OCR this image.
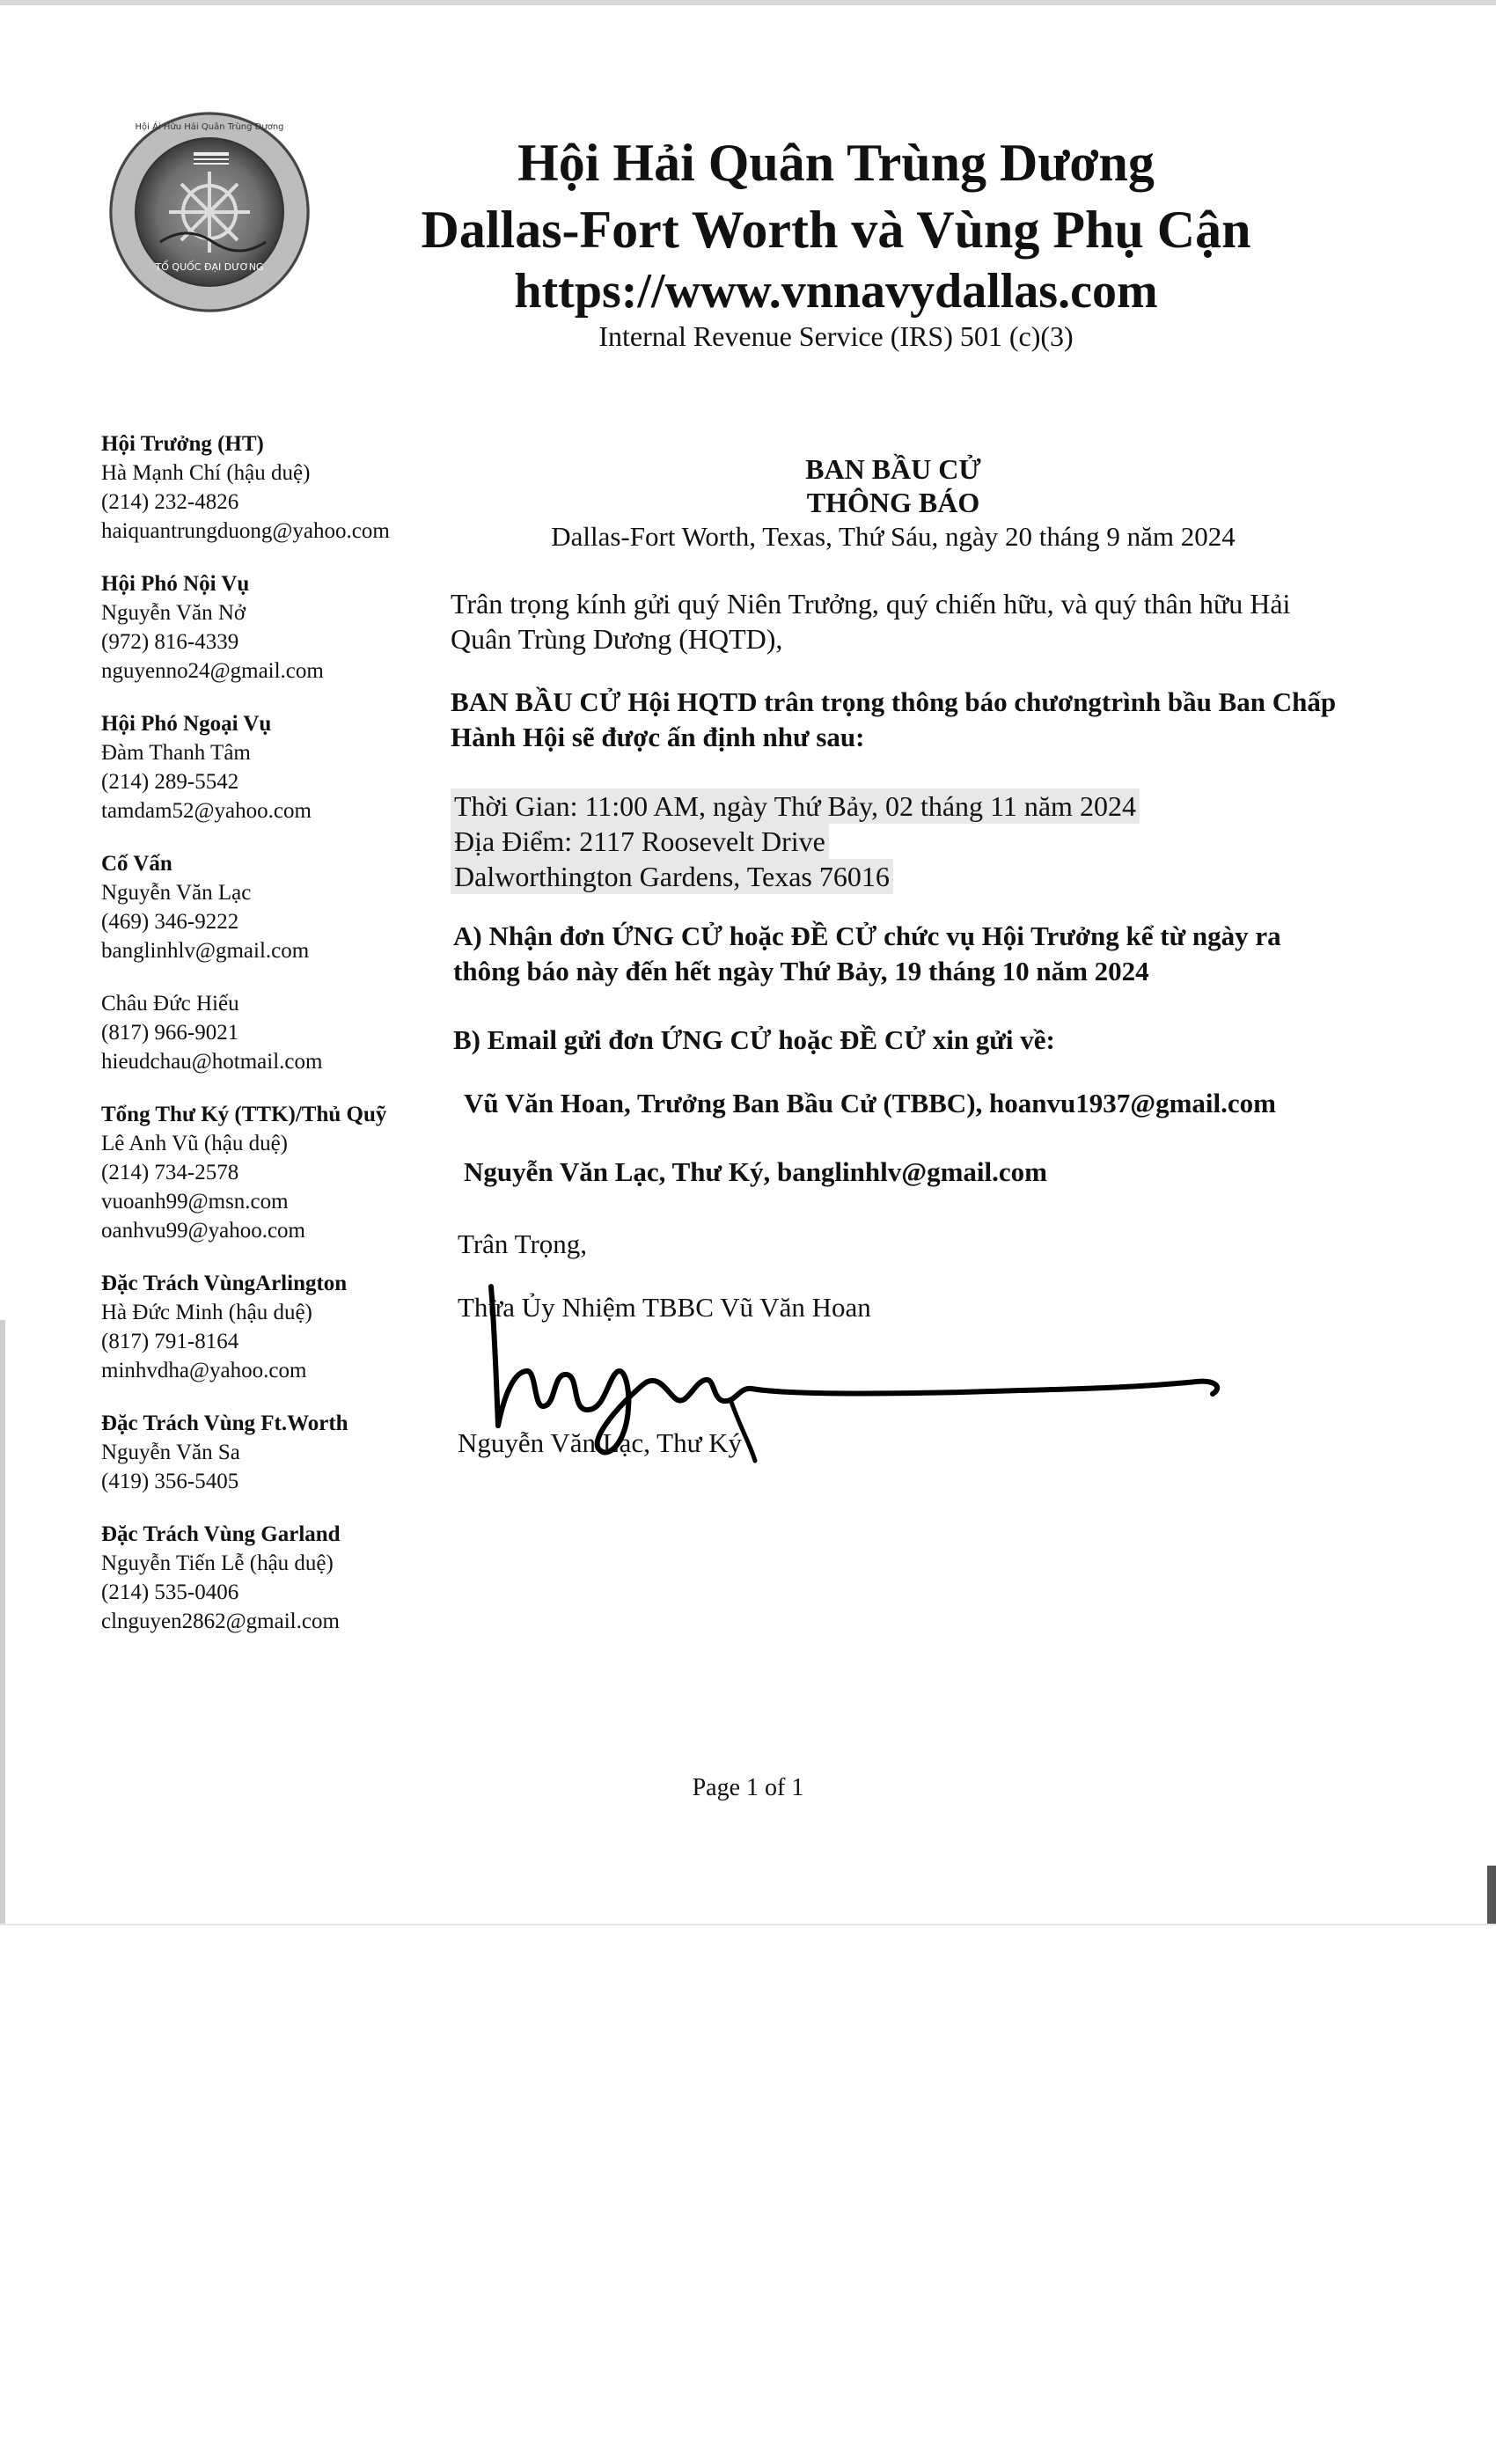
TỔ QUỐC ĐẠI DƯƠNG
Hội Ái Hữu Hải Quân Trùng Dương
Hội Hải Quân Trùng Dương
Dallas-Fort Worth và Vùng Phụ Cận
https://www.vnnavydallas.com
Internal Revenue Service (IRS) 501 (c)(3)
Hội Trưởng (HT)
Hà Mạnh Chí (hậu duệ)
(214) 232-4826
haiquantrungduong@yahoo.com
Hội Phó Nội Vụ
Nguyễn Văn Nở
(972) 816-4339
nguyenno24@gmail.com
Hội Phó Ngoại Vụ
Đàm Thanh Tâm
(214) 289-5542
tamdam52@yahoo.com
Cố Vấn
Nguyễn Văn Lạc
(469) 346-9222
banglinhlv@gmail.com
Châu Đức Hiếu
(817) 966-9021
hieudchau@hotmail.com
Tổng Thư Ký (TTK)/Thủ Quỹ
Lê Anh Vũ (hậu duệ)
(214) 734-2578
vuoanh99@msn.com
oanhvu99@yahoo.com
Đặc Trách VùngArlington
Hà Đức Minh (hậu duệ)
(817) 791-8164
minhvdha@yahoo.com
Đặc Trách Vùng Ft.Worth
Nguyễn Văn Sa
(419) 356-5405
Đặc Trách Vùng Garland
Nguyễn Tiến Lễ (hậu duệ)
(214) 535-0406
clnguyen2862@gmail.com
BAN BẦU CỬ
THÔNG BÁO
Dallas-Fort Worth, Texas, Thứ Sáu, ngày 20 tháng 9 năm 2024
Trân trọng kính gửi quý Niên Trưởng, quý chiến hữu, và quý thân hữu Hải Quân Trùng Dương (HQTD),
BAN BẦU CỬ Hội HQTD trân trọng thông báo chươngtrình bầu Ban Chấp Hành Hội sẽ được ấn định như sau:
Thời Gian: 11:00 AM, ngày Thứ Bảy, 02 tháng 11 năm 2024
Địa Điểm: 2117 Roosevelt Drive
Dalworthington Gardens, Texas 76016
A) Nhận đơn ỨNG CỬ hoặc ĐỀ CỬ chức vụ Hội Trưởng kể từ ngày ra thông báo này đến hết ngày Thứ Bảy, 19 tháng 10 năm 2024
B) Email gửi đơn ỨNG CỬ hoặc ĐỀ CỬ xin gửi về:
Vũ Văn Hoan, Trưởng Ban Bầu Cử (TBBC), hoanvu1937@gmail.com
Nguyễn Văn Lạc, Thư Ký, banglinhlv@gmail.com
Trân Trọng,
Thừa Ủy Nhiệm TBBC Vũ Văn Hoan
Nguyễn Văn Lạc, Thư Ký
Page 1 of 1
